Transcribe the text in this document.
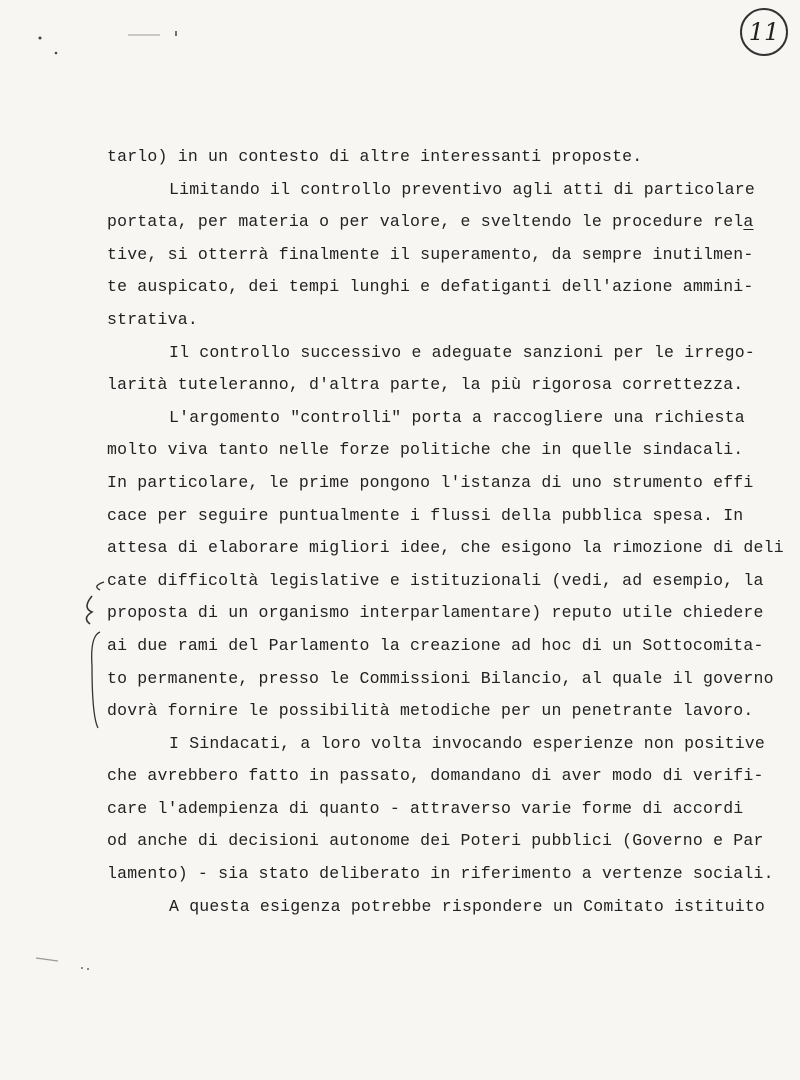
11
tarlo) in un contesto di altre interessanti proposte.
Limitando il controllo preventivo agli atti di particolare
portata, per materia o per valore, e sveltendo le procedure rela
tive, si otterrà finalmente il superamento, da sempre inutilmen-
te auspicato, dei tempi lunghi e defatiganti dell'azione ammini-
strativa.
Il controllo successivo e adeguate sanzioni per le irrego-
larità tuteleranno, d'altra parte, la più rigorosa correttezza.
L'argomento "controlli" porta a raccogliere una richiesta
molto viva tanto nelle forze politiche che in quelle sindacali.
In particolare, le prime pongono l'istanza di uno strumento effi
cace per seguire puntualmente i flussi della pubblica spesa. In
attesa di elaborare migliori idee, che esigono la rimozione di deli
cate difficoltà legislative e istituzionali (vedi, ad esempio, la
proposta di un organismo interparlamentare) reputo utile chiedere
ai due rami del Parlamento la creazione ad hoc di un Sottocomita-
to permanente, presso le Commissioni Bilancio, al quale il governo
dovrà fornire le possibilità metodiche per un penetrante lavoro.
I Sindacati, a loro volta invocando esperienze non positive
che avrebbero fatto in passato, domandano di aver modo di verifi-
care l'adempienza di quanto - attraverso varie forme di accordi
od anche di decisioni autonome dei Poteri pubblici (Governo e Par
lamento) - sia stato deliberato in riferimento a vertenze sociali.
A questa esigenza potrebbe rispondere un Comitato istituito
